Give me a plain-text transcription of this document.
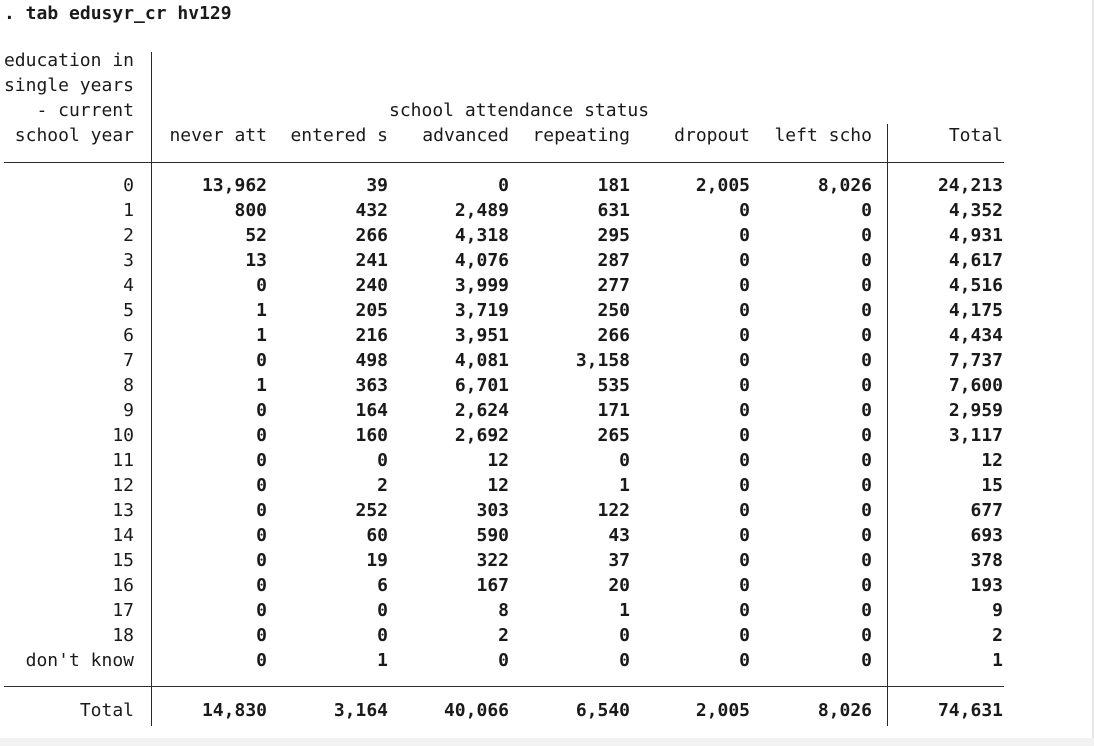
. tab edusyr_cr hv129
education in
single years
- current
school year
school attendance status
never att	entered s	advanced	repeating	dropout	left scho	Total
0	13,962	39	0	181	2,005	8,026	24,213
1	800	432	2,489	631	0	0	4,352
2	52	266	4,318	295	0	0	4,931
3	13	241	4,076	287	0	0	4,617
4	0	240	3,999	277	0	0	4,516
5	1	205	3,719	250	0	0	4,175
6	1	216	3,951	266	0	0	4,434
7	0	498	4,081	3,158	0	0	7,737
8	1	363	6,701	535	0	0	7,600
9	0	164	2,624	171	0	0	2,959
10	0	160	2,692	265	0	0	3,117
11	0	0	12	0	0	0	12
12	0	2	12	1	0	0	15
13	0	252	303	122	0	0	677
14	0	60	590	43	0	0	693
15	0	19	322	37	0	0	378
16	0	6	167	20	0	0	193
17	0	0	8	1	0	0	9
18	0	0	2	0	0	0	2
don't know	0	1	0	0	0	0	1
Total	14,830	3,164	40,066	6,540	2,005	8,026	74,631
